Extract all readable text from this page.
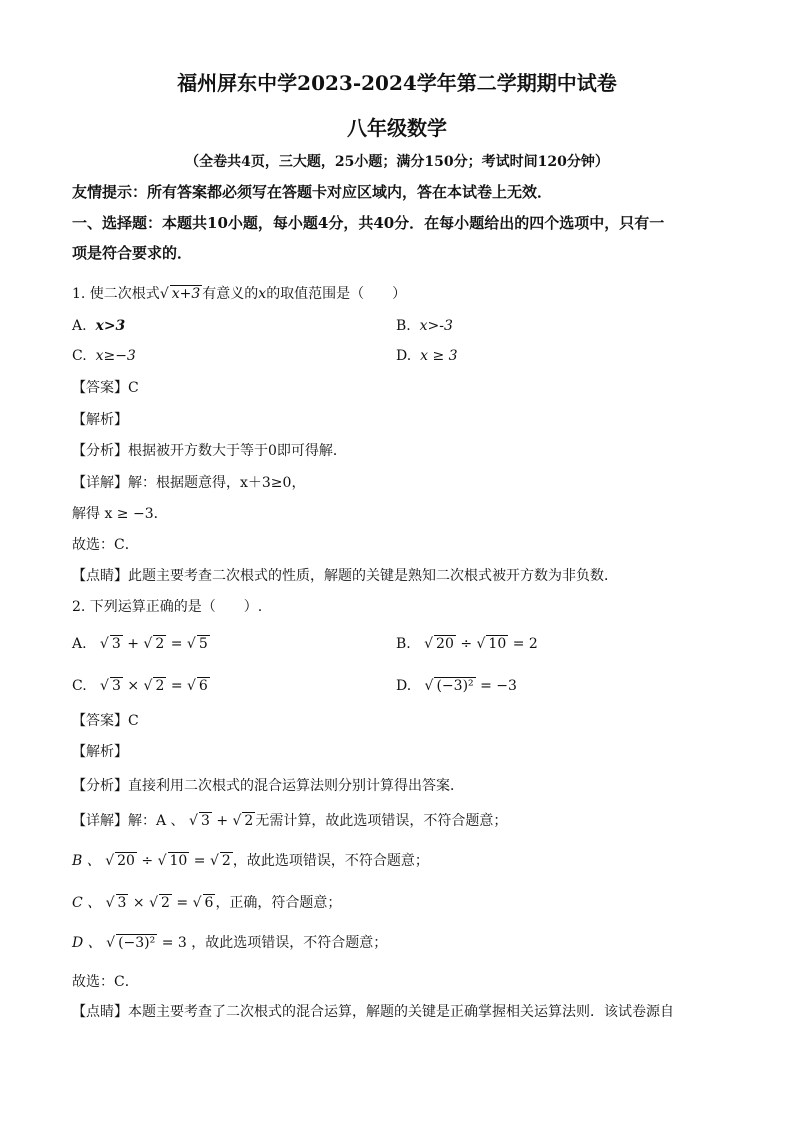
福州屏东中学2023-2024学年第二学期期中试卷
八年级数学
（全卷共4页，三大题，25小题；满分150分；考试时间120分钟）
友情提示：所有答案都必须写在答题卡对应区域内，答在本试卷上无效．
一、选择题：本题共10小题，每小题4分，共40分．在每小题给出的四个选项中，只有一
项是符合要求的．
1. 使二次根式√ x+3 有意义的x的取值范围是（　　）
A. x>3	B. x>-3
C. x≥−3	D. x ≥ 3
【答案】C
【解析】
【分析】根据被开方数大于等于0即可得解．
【详解】解：根据题意得，x＋3≥0，
解得 x ≥ −3．
故选：C．
【点睛】此题主要考查二次根式的性质，解题的关键是熟知二次根式被开方数为非负数．
2. 下列运算正确的是（　　）.
A. √ 3 + √ 2 = √ 5	B. √ 20 ÷ √ 10 = 2
C. √ 3 × √ 2 = √ 6	D. √ (−3)² = −3
【答案】C
【解析】
【分析】直接利用二次根式的混合运算法则分别计算得出答案．
【详解】解：A 、 √ 3 + √ 2 无需计算，故此选项错误，不符合题意；
B 、 √ 20 ÷ √ 10 = √ 2 ，故此选项错误，不符合题意；
C 、 √ 3 × √ 2 = √ 6 ，正确，符合题意；
D 、 √ (−3)² = 3 ，故此选项错误，不符合题意；
故选：C．
【点睛】本题主要考查了二次根式的混合运算，解题的关键是正确掌握相关运算法则．该试卷源自
